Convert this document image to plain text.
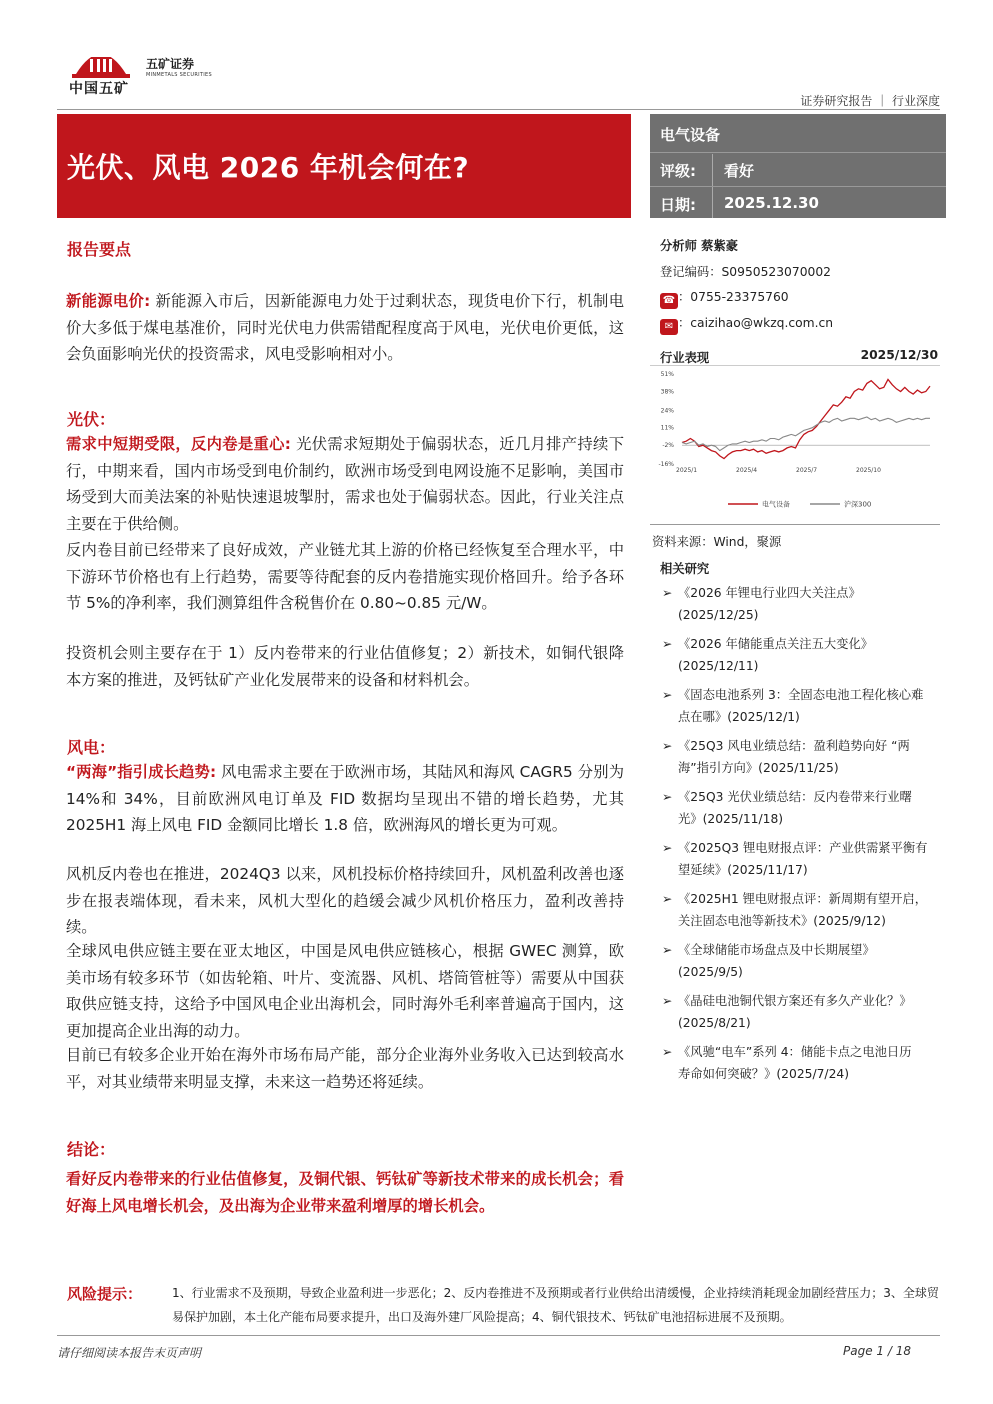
中国五矿
五矿证券
MINMETALS SECURITIES
证券研究报告 ｜ 行业深度
光伏、风电 2026 年机会何在?
电气设备
评级: 看好
日期: 2025.12.30
报告要点
新能源电价: 新能源入市后，因新能源电力处于过剩状态，现货电价下行，机制电价大多低于煤电基准价，同时光伏电力供需错配程度高于风电，光伏电价更低，这会负面影响光伏的投资需求，风电受影响相对小。
光伏：
需求中短期受限，反内卷是重心: 光伏需求短期处于偏弱状态，近几月排产持续下行，中期来看，国内市场受到电价制约，欧洲市场受到电网设施不足影响，美国市场受到大而美法案的补贴快速退坡掣肘，需求也处于偏弱状态。因此，行业关注点主要在于供给侧。
反内卷目前已经带来了良好成效，产业链尤其上游的价格已经恢复至合理水平，中下游环节价格也有上行趋势，需要等待配套的反内卷措施实现价格回升。给予各环节 5%的净利率，我们测算组件含税售价在 0.80~0.85 元/W。
投资机会则主要存在于 1）反内卷带来的行业估值修复；2）新技术，如铜代银降本方案的推进，及钙钛矿产业化发展带来的设备和材料机会。
风电：
“两海”指引成长趋势: 风电需求主要在于欧洲市场，其陆风和海风 CAGR5 分别为 14%和 34%，目前欧洲风电订单及 FID 数据均呈现出不错的增长趋势，尤其 2025H1 海上风电 FID 金额同比增长 1.8 倍，欧洲海风的增长更为可观。
风机反内卷也在推进，2024Q3 以来，风机投标价格持续回升，风机盈利改善也逐步在报表端体现，看未来，风机大型化的趋缓会减少风机价格压力，盈利改善持续。
全球风电供应链主要在亚太地区，中国是风电供应链核心，根据 GWEC 测算，欧美市场有较多环节（如齿轮箱、叶片、变流器、风机、塔筒管桩等）需要从中国获取供应链支持，这给予中国风电企业出海机会，同时海外毛利率普遍高于国内，这更加提高企业出海的动力。
目前已有较多企业开始在海外市场布局产能，部分企业海外业务收入已达到较高水平，对其业绩带来明显支撑，未来这一趋势还将延续。
结论：
看好反内卷带来的行业估值修复，及铜代银、钙钛矿等新技术带来的成长机会；看好海上风电增长机会，及出海为企业带来盈利增厚的增长机会。
分析师 蔡紫豪
登记编码：S0950523070002
☎ ：0755-23375760
✉ ：caizihao@wkzq.com.cn
行业表现	2025/12/30
51%
38%
24%
11%
-2%
-16%
2025/1	2025/4	2025/7	2025/10
电气设备	沪深300
资料来源：Wind，聚源
相关研究
➢ 《2026 年锂电行业四大关注点》
(2025/12/25)
➢ 《2026 年储能重点关注五大变化》
(2025/12/11)
➢ 《固态电池系列 3：全固态电池工程化核心难
点在哪》(2025/12/1)
➢ 《25Q3 风电业绩总结：盈利趋势向好 “两
海”指引方向》(2025/11/25)
➢ 《25Q3 光伏业绩总结：反内卷带来行业曙
光》(2025/11/18)
➢ 《2025Q3 锂电财报点评：产业供需紧平衡有
望延续》(2025/11/17)
➢ 《2025H1 锂电财报点评：新周期有望开启，
关注固态电池等新技术》(2025/9/12)
➢ 《全球储能市场盘点及中长期展望》
(2025/9/5)
➢ 《晶硅电池铜代银方案还有多久产业化？》
(2025/8/21)
➢ 《风驰“电车”系列 4：储能卡点之电池日历
寿命如何突破？》(2025/7/24)
风险提示： 1、行业需求不及预期，导致企业盈利进一步恶化；2、反内卷推进不及预期或者行业供给出清缓慢，企业持续消耗现金加剧经营压力；3、全球贸易保护加剧，本土化产能布局要求提升，出口及海外建厂风险提高；4、铜代银技术、钙钛矿电池招标进展不及预期。
请仔细阅读本报告末页声明	Page 1 / 18
